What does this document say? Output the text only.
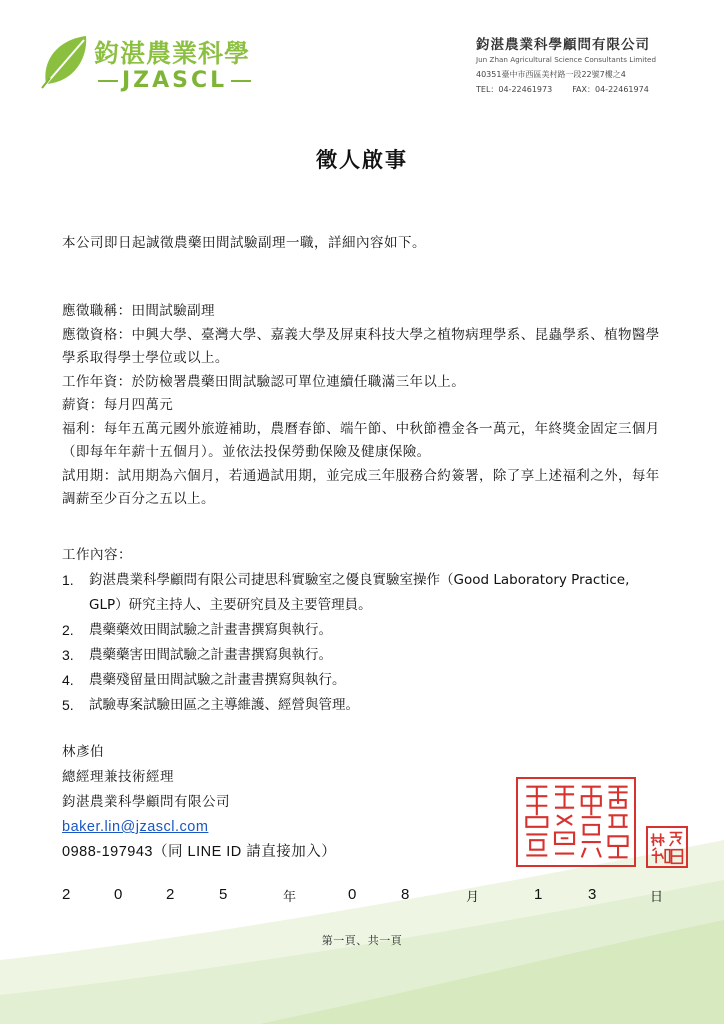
鈞湛農業科學
JZASCL
鈞湛農業科學顧問有限公司
Jun Zhan Agricultural Science Consultants Limited
40351臺中市西區美村路一段22號7樓之4
TEL：04-22461973	FAX：04-22461974
徵人啟事
本公司即日起誠徵農藥田間試驗副理一職，詳細內容如下。

應徵職稱：田間試驗副理

應徵資格：中興大學、臺灣大學、嘉義大學及屏東科技大學之植物病理學系、昆蟲學系、植物醫學學系取得學士學位或以上。

工作年資：於防檢署農藥田間試驗認可單位連續任職滿三年以上。

薪資：每月四萬元

福利：每年五萬元國外旅遊補助，農曆春節、端午節、中秋節禮金各一萬元，年終獎金固定三個月（即每年年薪十五個月）。並依法投保勞動保險及健康保險。

試用期：試用期為六個月，若通過試用期，並完成三年服務合約簽署，除了享上述福利之外，每年調薪至少百分之五以上。

工作內容：
1. 鈞湛農業科學顧問有限公司捷思科實驗室之優良實驗室操作（Good Laboratory Practice, GLP）研究主持人、主要研究員及主要管理員。
2. 農藥藥效田間試驗之計畫書撰寫與執行。
3. 農藥藥害田間試驗之計畫書撰寫與執行。
4. 農藥殘留量田間試驗之計畫書撰寫與執行。
5. 試驗專案試驗田區之主導維護、經營與管理。
林彥伯
總經理兼技術經理
鈞湛農業科學顧問有限公司
baker.lin@jzascl.com
0988-197943（同 LINE ID 請直接加入）
2	0	2	5	年	0	8	月	1	3	日
第一頁、共一頁
